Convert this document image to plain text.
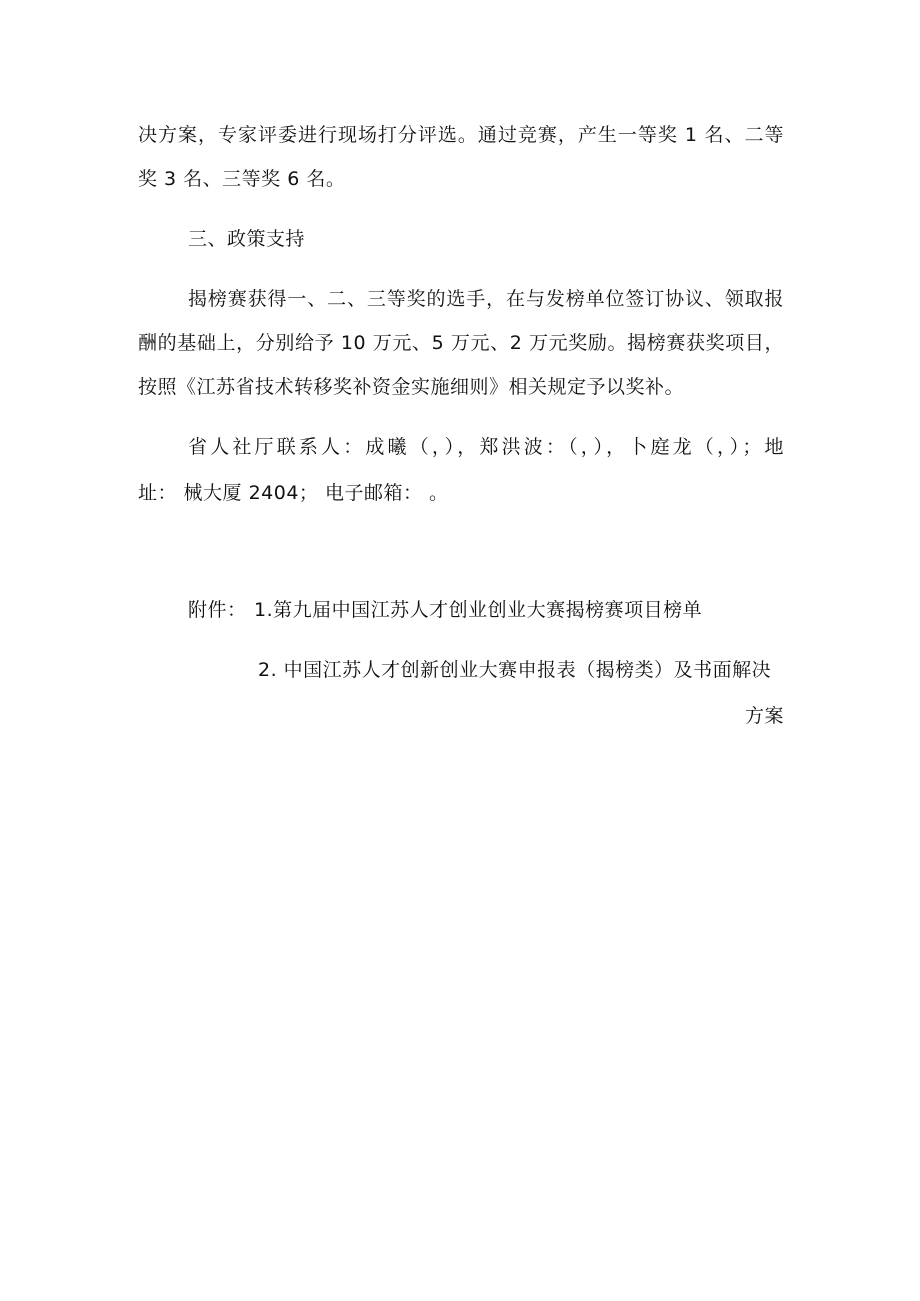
决方案，专家评委进行现场打分评选。通过竞赛，产生一等奖 1 名、二等
奖 3 名、三等奖 6 名。
三、政策支持
揭榜赛获得一、二、三等奖的选手，在与发榜单位签订协议、领取报
酬的基础上，分别给予 10 万元、5 万元、2 万元奖励。揭榜赛获奖项目，
按照《江苏省技术转移奖补资金实施细则》相关规定予以奖补。
省人社厅联系人：成曦（，），郑洪波：（，），卜庭龙（，）；地
址： 械大厦 2404； 电子邮箱： 。
附件： 1.第九届中国江苏人才创业创业大赛揭榜赛项目榜单
2. 中国江苏人才创新创业大赛申报表（揭榜类）及书面解决
方案
